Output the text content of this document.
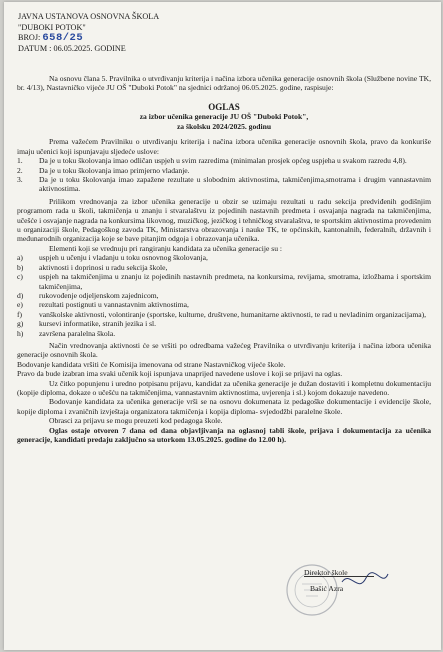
JAVNA USTANOVA OSNOVNA ŠKOLA
"DUBOKI POTOK"
BROJ: 658/25
DATUM : 06.05.2025. GODINE

Na osnovu člana 5. Pravilnika o utvrđivanju kriterija i načina izbora učenika generacije osnovnih škola (Službene novine TK, br. 4/13), Nastavničko vijeće JU OŠ "Duboki Potok" na sjednici održanoj 06.05.2025. godine, raspisuje:

OGLAS

za izbor učenika generacije JU OŠ "Duboki Potok",
za školsku 2024/2025. godinu

Prema važećem Pravilniku o utvrđivanju kriterija i načina izbora učenika generacije osnovnih škola, pravo da konkuriše imaju učenici koji ispunjavaju sljedeće uslove:

1.	Da je u toku školovanja imao odličan uspjeh u svim razredima (minimalan prosjek općeg uspjeha u svakom razredu 4,8).
2.	Da je u toku školovanja imao primjerno vladanje.
3.	Da je u toku školovanja imao zapažene rezultate u slobodnim aktivnostima, takmičenjima,smotrama i drugim vannastavnim aktivnostima.

Prilikom vrednovanja za izbor učenika generacije u obzir se uzimaju rezultati u radu sekcija predviđenih godišnjim programom rada u školi, takmičenja u znanju i stvaralaštvu iz pojedinih nastavnih predmeta i osvajanja nagrada na takmičenjima, učešće i osvajanje nagrada na konkursima likovnog, muzičkog, jezičkog i tehničkog stvaralaštva, te sportskim aktivnostima provedenim u organizaciji škole, Pedagoškog zavoda TK, Ministarstva obrazovanja i nauke TK, te općinskih, kantonalnih, federalnih, državnih i međunarodnih organizacija koje se bave pitanjim odgoja i obrazovanja učenika.

Elementi koji se vrednuju pri rangiranju kandidata za učenika generacije su :

a)	uspjeh u učenju i vladanju u toku osnovnog školovanja,
b)	aktivnosti i doprinosi u radu sekcija škole,
c)	uspjeh na takmičenjima u znanju iz pojedinih nastavnih predmeta, na konkursima, revijama, smotrama, izložbama i sportskim takmičenjima,
d)	rukovođenje odjeljenskom zajednicom,
e)	rezultati postignuti u vannastavnim aktivnostima,
f)	vanškolske aktivnosti, volontiranje (sportske, kulturne, društvene, humanitarne aktivnosti, te rad u nevladinim organizacijama),
g)	kursevi informatike, stranih jezika i sl.
h)	završena paralelna škola.

Način vrednovanja aktivnosti će se vršiti po odredbama važećeg Pravilnika o utvrđivanju kriterija i načina izbora učenika generacije osnovnih škola.

Bodovanje kandidata vršiti će Komisija imenovana od strane Nastavničkog vijeće škole.

Pravo da bude izabran ima svaki učenik koji ispunjava unaprijed navedene uslove i koji se prijavi na oglas.

Uz čitko popunjenu i uredno potpisanu prijavu, kandidat za učenika generacije je dužan dostaviti i kompletnu dokumentaciju (kopije diploma, dokaze o učešću na takmičenjima, vannastavnim aktivnostima, uvjerenja i sl.) kojom dokazuje navedeno.

Bodovanje kandidata za učenika generacije vrši se na osnovu dokumenata iz pedagoške dokumentacije i evidencije škole, kopije diploma i zvaničnih izvještaja organizatora takmičenja i kopija diploma- svjedodžbi paralelne škole.

Obrasci za prijavu se mogu preuzeti kod pedagoga škole.

Oglas ostaje otvoren 7 dana od dana objavljivanja na oglasnoj tabli škole, prijava i dokumentacija za učenika generacije, kandidati predaju zaključno sa utorkom 13.05.2025. godine do 12.00 h).

Direktor škole
Bašić Azra
